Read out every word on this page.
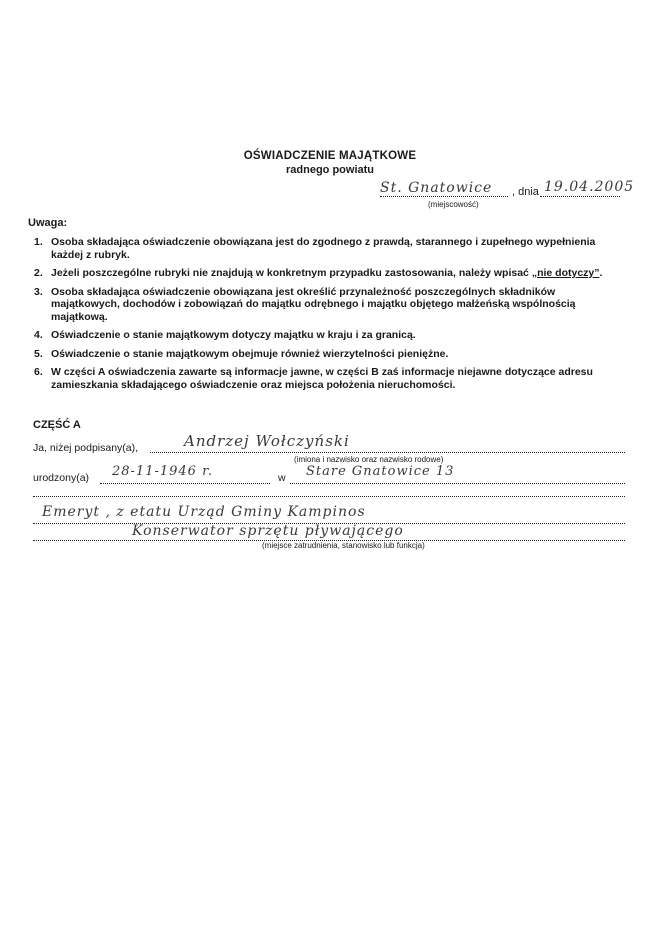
OŚWIADCZENIE MAJĄTKOWE
radnego powiatu
St. Gnatowice , dnia 19.04.2005
(miejscowość)
Uwaga:
1. Osoba składająca oświadczenie obowiązana jest do zgodnego z prawdą, starannego i zupełnego wypełnienia każdej z rubryk.
2. Jeżeli poszczególne rubryki nie znajdują w konkretnym przypadku zastosowania, należy wpisać „nie dotyczy”.
3. Osoba składająca oświadczenie obowiązana jest określić przynależność poszczególnych składników majątkowych, dochodów i zobowiązań do majątku odrębnego i majątku objętego małżeńską wspólnością majątkową.
4. Oświadczenie o stanie majątkowym dotyczy majątku w kraju i za granicą.
5. Oświadczenie o stanie majątkowym obejmuje również wierzytelności pieniężne.
6. W części A oświadczenia zawarte są informacje jawne, w części B zaś informacje niejawne dotyczące adresu zamieszkania składającego oświadczenie oraz miejsca położenia nieruchomości.
CZĘŚĆ A
Ja, niżej podpisany(a),	Andrzej Wołczyński
(imiona i nazwisko oraz nazwisko rodowe)
urodzony(a) 28-11-1946 r.	w Stare Gnatowice 13
Emeryt , z etatu Urząd Gminy Kampinos
Konserwator sprzętu pływającego
(miejsce zatrudnienia, stanowisko lub funkcja)
